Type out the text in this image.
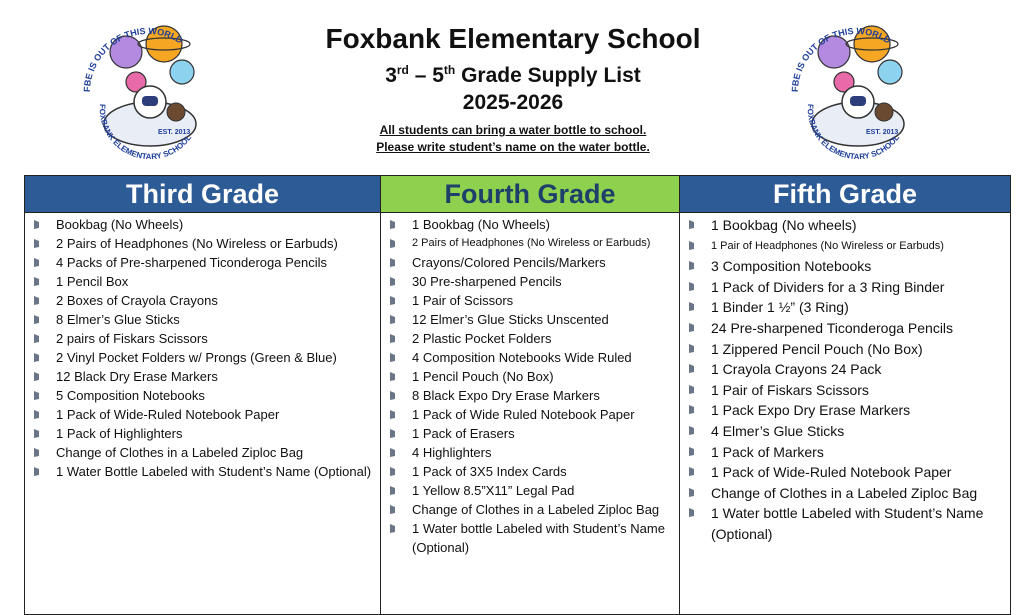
FBE IS OUT OF THIS WORLD
FOXBANK ELEMENTARY SCHOOL
EST. 2013
Foxbank Elementary School
3rd – 5th Grade Supply List
2025-2026
All students can bring a water bottle to school.
Please write student’s name on the water bottle.
FBE IS OUT OF THIS WORLD
FOXBANK ELEMENTARY SCHOOL
EST. 2013
Third Grade
Bookbag (No Wheels)
2 Pairs of Headphones (No Wireless or Earbuds)
4 Packs of Pre-sharpened Ticonderoga Pencils
1 Pencil Box
2 Boxes of Crayola Crayons
8 Elmer’s Glue Sticks
2 pairs of Fiskars Scissors
2 Vinyl Pocket Folders w/ Prongs (Green & Blue)
12 Black Dry Erase Markers
5 Composition Notebooks
1 Pack of Wide-Ruled Notebook Paper
1 Pack of Highlighters
Change of Clothes in a Labeled Ziploc Bag
1 Water Bottle Labeled with Student’s Name (Optional)
Fourth Grade
1 Bookbag (No Wheels)
2 Pairs of Headphones (No Wireless or Earbuds)
Crayons/Colored Pencils/Markers
30 Pre-sharpened Pencils
1 Pair of Scissors
12 Elmer’s Glue Sticks Unscented
2 Plastic Pocket Folders
4 Composition Notebooks Wide Ruled
1 Pencil Pouch (No Box)
8 Black Expo Dry Erase Markers
1 Pack of Wide Ruled Notebook Paper
1 Pack of Erasers
4 Highlighters
1 Pack of 3X5 Index Cards
1 Yellow 8.5”X11” Legal Pad
Change of Clothes in a Labeled Ziploc Bag
1 Water bottle Labeled with Student’s Name (Optional)
Fifth Grade
1 Bookbag (No wheels)
1 Pair of Headphones (No Wireless or Earbuds)
3 Composition Notebooks
1 Pack of Dividers for a 3 Ring Binder
1 Binder 1 ½” (3 Ring)
24 Pre-sharpened Ticonderoga Pencils
1 Zippered Pencil Pouch (No Box)
1 Crayola Crayons 24 Pack
1 Pair of Fiskars Scissors
1 Pack Expo Dry Erase Markers
4 Elmer’s Glue Sticks
1 Pack of Markers
1 Pack of Wide-Ruled Notebook Paper
Change of Clothes in a Labeled Ziploc Bag
1 Water bottle Labeled with Student’s Name (Optional)
